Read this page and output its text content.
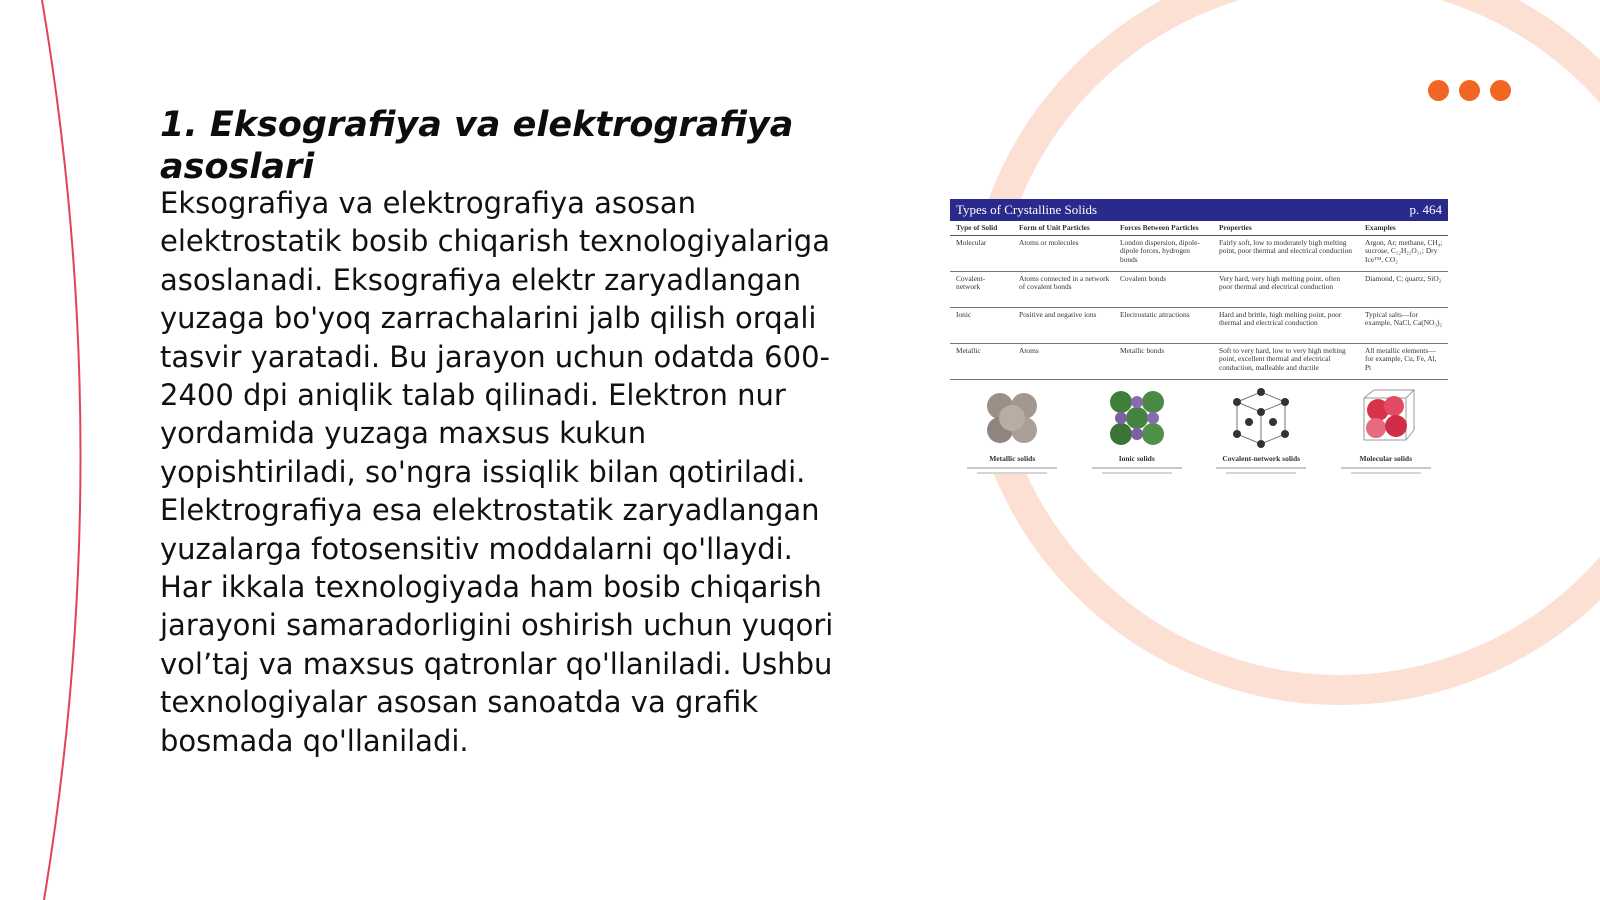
1. Eksografiya va elektrografiya asoslari

Eksografiya va elektrografiya asosan elektrostatik bosib chiqarish texnologiyalariga asoslanadi. Eksografiya elektr zaryadlangan yuzaga bo'yoq zarrachalarini jalb qilish orqali tasvir yaratadi. Bu jarayon uchun odatda 600-2400 dpi aniqlik talab qilinadi. Elektron nur yordamida yuzaga maxsus kukun yopishtiriladi, so'ngra issiqlik bilan qotiriladi. Elektrografiya esa elektrostatik zaryadlangan yuzalarga fotosensitiv moddalarni qo'llaydi. Har ikkala texnologiyada ham bosib chiqarish jarayoni samaradorligini oshirish uchun yuqori vol’taj va maxsus qatronlar qo'llaniladi. Ushbu texnologiyalar asosan sanoatda va grafik bosmada qo'llaniladi.

Types of Crystalline Solids	p. 464
Type of Solid	Form of Unit Particles	Forces Between Particles	Properties	Examples
Molecular	Atoms or molecules	London dispersion, dipole-dipole forces, hydrogen bonds	Fairly soft, low to moderately high melting point, poor thermal and electrical conduction	Argon, Ar; methane, CH₄; sucrose, C₁₂H₂₂O₁₁; Dry Ice™, CO₂
Covalent-network	Atoms connected in a network of covalent bonds	Covalent bonds	Very hard, very high melting point, often poor thermal and electrical conduction	Diamond, C; quartz, SiO₂
Ionic	Positive and negative ions	Electrostatic attractions	Hard and brittle, high melting point, poor thermal and electrical conduction	Typical salts—for example, NaCl, Ca(NO₃)₂
Metallic	Atoms	Metallic bonds	Soft to very hard, low to very high melting point, excellent thermal and electrical conduction, malleable and ductile	All metallic elements—for example, Cu, Fe, Al, Pt
Metallic solids	Ionic solids	Covalent-network solids	Molecular solids
